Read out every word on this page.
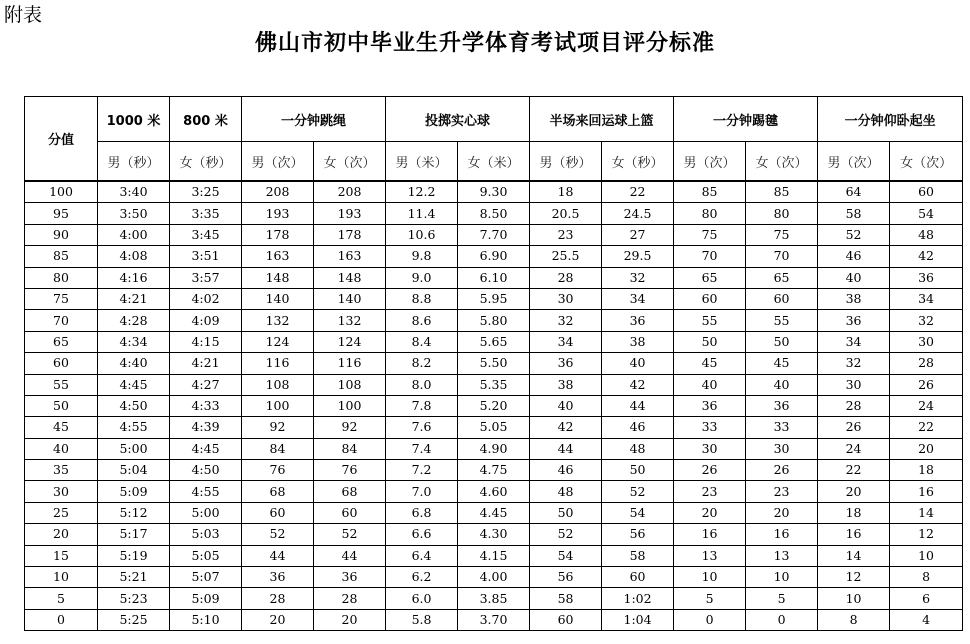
附表
佛山市初中毕业生升学体育考试项目评分标准
分值	1000 米	800 米	一分钟跳绳		投掷实心球		半场来回运球上篮		一分钟踢毽		一分钟仰卧起坐	
	男（秒）	女（秒）	男（次）	女（次）	男（米）	女（米）	男（秒）	女（秒）	男（次）	女（次）	男（次）	女（次）
100	3:40	3:25	208	208	12.2	9.30	18	22	85	85	64	60
95	3:50	3:35	193	193	11.4	8.50	20.5	24.5	80	80	58	54
90	4:00	3:45	178	178	10.6	7.70	23	27	75	75	52	48
85	4:08	3:51	163	163	9.8	6.90	25.5	29.5	70	70	46	42
80	4:16	3:57	148	148	9.0	6.10	28	32	65	65	40	36
75	4:21	4:02	140	140	8.8	5.95	30	34	60	60	38	34
70	4:28	4:09	132	132	8.6	5.80	32	36	55	55	36	32
65	4:34	4:15	124	124	8.4	5.65	34	38	50	50	34	30
60	4:40	4:21	116	116	8.2	5.50	36	40	45	45	32	28
55	4:45	4:27	108	108	8.0	5.35	38	42	40	40	30	26
50	4:50	4:33	100	100	7.8	5.20	40	44	36	36	28	24
45	4:55	4:39	92	92	7.6	5.05	42	46	33	33	26	22
40	5:00	4:45	84	84	7.4	4.90	44	48	30	30	24	20
35	5:04	4:50	76	76	7.2	4.75	46	50	26	26	22	18
30	5:09	4:55	68	68	7.0	4.60	48	52	23	23	20	16
25	5:12	5:00	60	60	6.8	4.45	50	54	20	20	18	14
20	5:17	5:03	52	52	6.6	4.30	52	56	16	16	16	12
15	5:19	5:05	44	44	6.4	4.15	54	58	13	13	14	10
10	5:21	5:07	36	36	6.2	4.00	56	60	10	10	12	8
5	5:23	5:09	28	28	6.0	3.85	58	1:02	5	5	10	6
0	5:25	5:10	20	20	5.8	3.70	60	1:04	0	0	8	4
